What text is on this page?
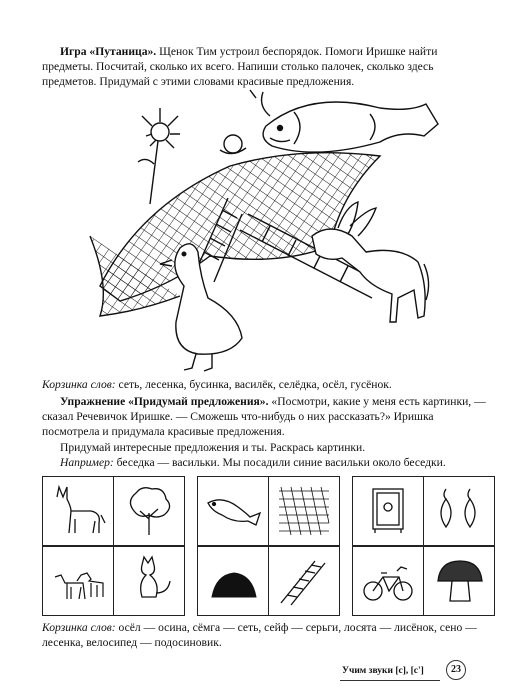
Игра «Путаница». Щенок Тим устроил беспорядок. Помоги Иришке найти предметы. Посчитай, сколько их всего. Напиши столько палочек, сколько здесь предметов. Придумай с этими словами красивые предложения.

Корзинка слов: сеть, лесенка, бусинка, василёк, селёдка, осёл, гусёнок.

Упражнение «Придумай предложения». «Посмотри, какие у меня есть картинки, — сказал Речевичок Иришке. — Сможешь что-нибудь о них рассказать?» Иришка посмотрела и придумала красивые предложения.

Придумай интересные предложения и ты. Раскрась картинки.

Например: беседка — васильки. Мы посадили синие васильки около беседки.

Корзинка слов: осёл — осина, сёмга — сеть, сейф — серьги, лосята — лисёнок, сено — лесенка, велосипед — подосиновик.

Учим звуки [с], [с']	23
